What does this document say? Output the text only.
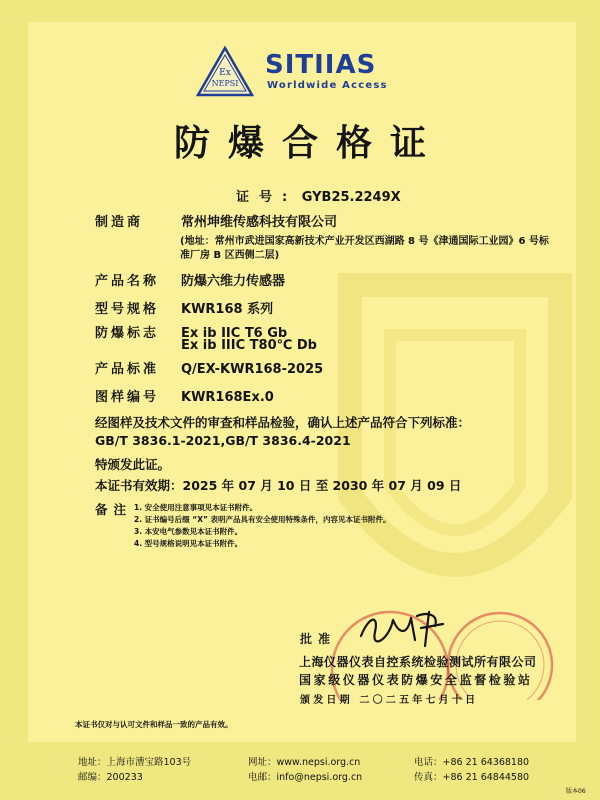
Ex
NEPSI
SITIIAS
Worldwide Access
防爆合格证
证号: GYB25.2249X
制造商	常州坤维传感科技有限公司
(地址：常州市武进国家高新技术产业开发区西湖路 8 号《津通国际工业园》6 号标准厂房 B 区西侧二层)
产品名称 防爆六维力传感器
型号规格 KWR168 系列
防爆标志 Ex ib IIC T6 Gb
Ex ib IIIC T80℃ Db
产品标准 Q/EX-KWR168-2025
图样编号 KWR168Ex.0
经图样及技术文件的审查和样品检验，确认上述产品符合下列标准：
GB/T 3836.1-2021,GB/T 3836.4-2021
特颁发此证。
本证书有效期：2025 年 07 月 10 日 至 2030 年 07 月 09 日
备注 1. 安全使用注意事项见本证书附件。
2. 证书编号后缀 “X” 表明产品具有安全使用特殊条件，内容见本证书附件。
3. 本安电气参数见本证书附件。
4. 型号规格说明见本证书附件。
批准
上海仪器仪表自控系统检验测试所有限公司
国家级仪器仪表防爆安全监督检验站
颁发日期 二〇二五年七月十日
本证书仅对与认可文件和样品一致的产品有效。
地址：上海市漕宝路103号
邮编：200233
网址：www.nepsi.org.cn
电邮：info@nepsi.org.cn
电话：+86 21 64368180
传真：+86 21 64844580
版本06
